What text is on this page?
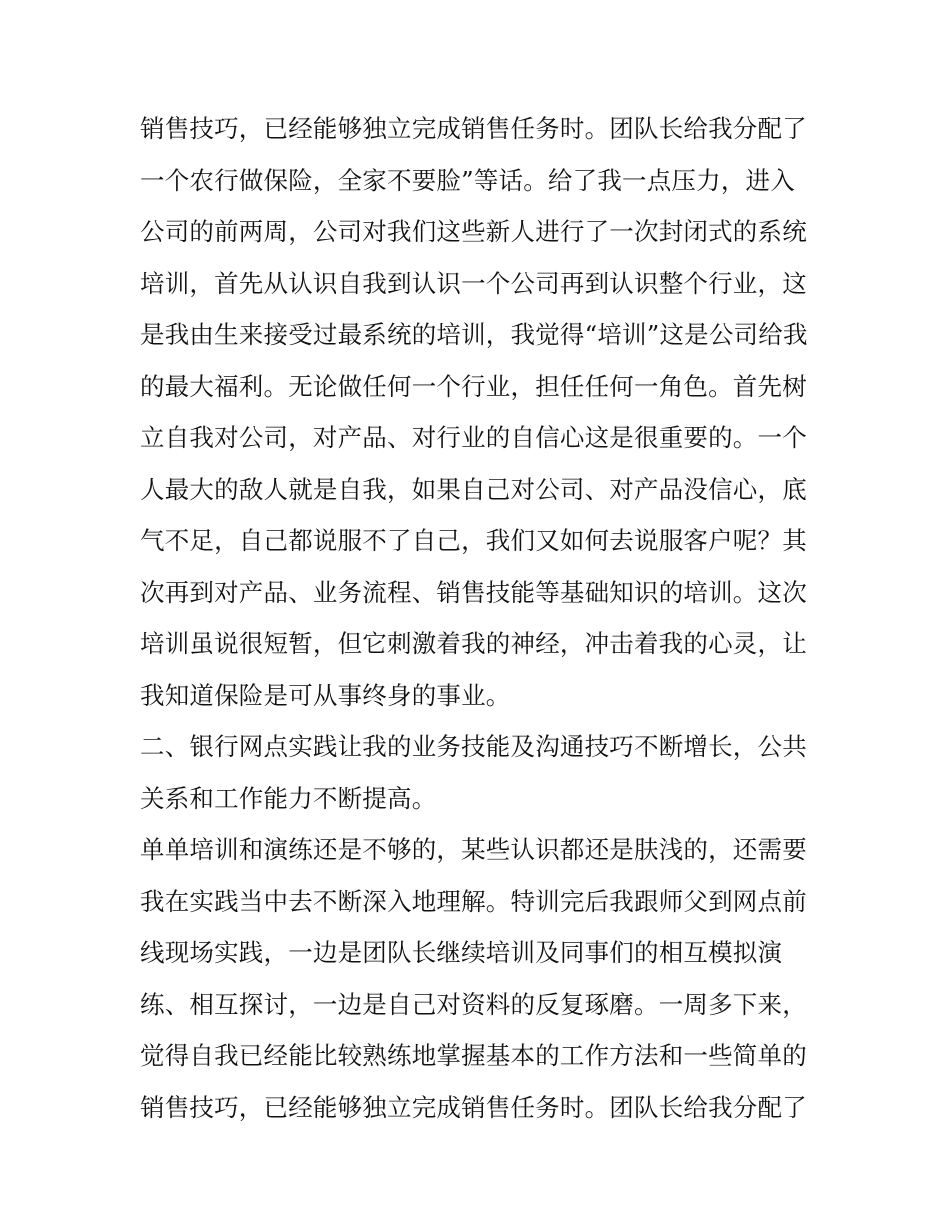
销售技巧，已经能够独立完成销售任务时。团队长给我分配了
一个农行做保险，全家不要脸”等话。给了我一点压力，进入
公司的前两周，公司对我们这些新人进行了一次封闭式的系统
培训，首先从认识自我到认识一个公司再到认识整个行业，这
是我由生来接受过最系统的培训，我觉得“培训”这是公司给我
的最大福利。无论做任何一个行业，担任任何一角色。首先树
立自我对公司，对产品、对行业的自信心这是很重要的。一个
人最大的敌人就是自我，如果自己对公司、对产品没信心，底
气不足，自己都说服不了自己，我们又如何去说服客户呢？其
次再到对产品、业务流程、销售技能等基础知识的培训。这次
培训虽说很短暂，但它刺激着我的神经，冲击着我的心灵，让
我知道保险是可从事终身的事业。
二、银行网点实践让我的业务技能及沟通技巧不断增长，公共
关系和工作能力不断提高。
单单培训和演练还是不够的，某些认识都还是肤浅的，还需要
我在实践当中去不断深入地理解。特训完后我跟师父到网点前
线现场实践，一边是团队长继续培训及同事们的相互模拟演
练、相互探讨，一边是自己对资料的反复琢磨。一周多下来，
觉得自我已经能比较熟练地掌握基本的工作方法和一些简单的
销售技巧，已经能够独立完成销售任务时。团队长给我分配了
